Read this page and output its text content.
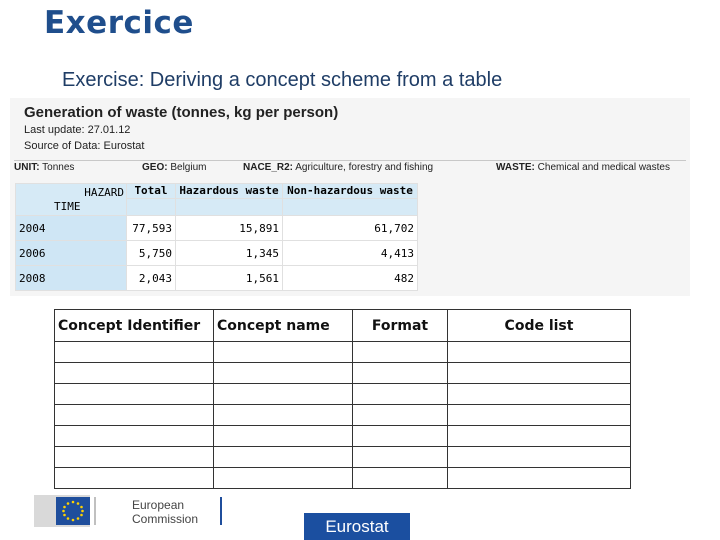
Exercice
Exercise: Deriving a concept scheme from a table
Generation of waste (tonnes, kg per person)
Last update: 27.01.12
Source of Data: Eurostat
UNIT: Tonnes	GEO: Belgium	NACE_R2: Agriculture, forestry and fishing	WASTE: Chemical and medical wastes
HAZARD
TIME	Total	Hazardous waste	Non-hazardous waste

2004	77,593	15,891	61,702
2006	5,750	1,345	4,413
2008	2,043	1,561	482
Concept Identifier	Concept name	Format	Code list

European
Commission	Eurostat
